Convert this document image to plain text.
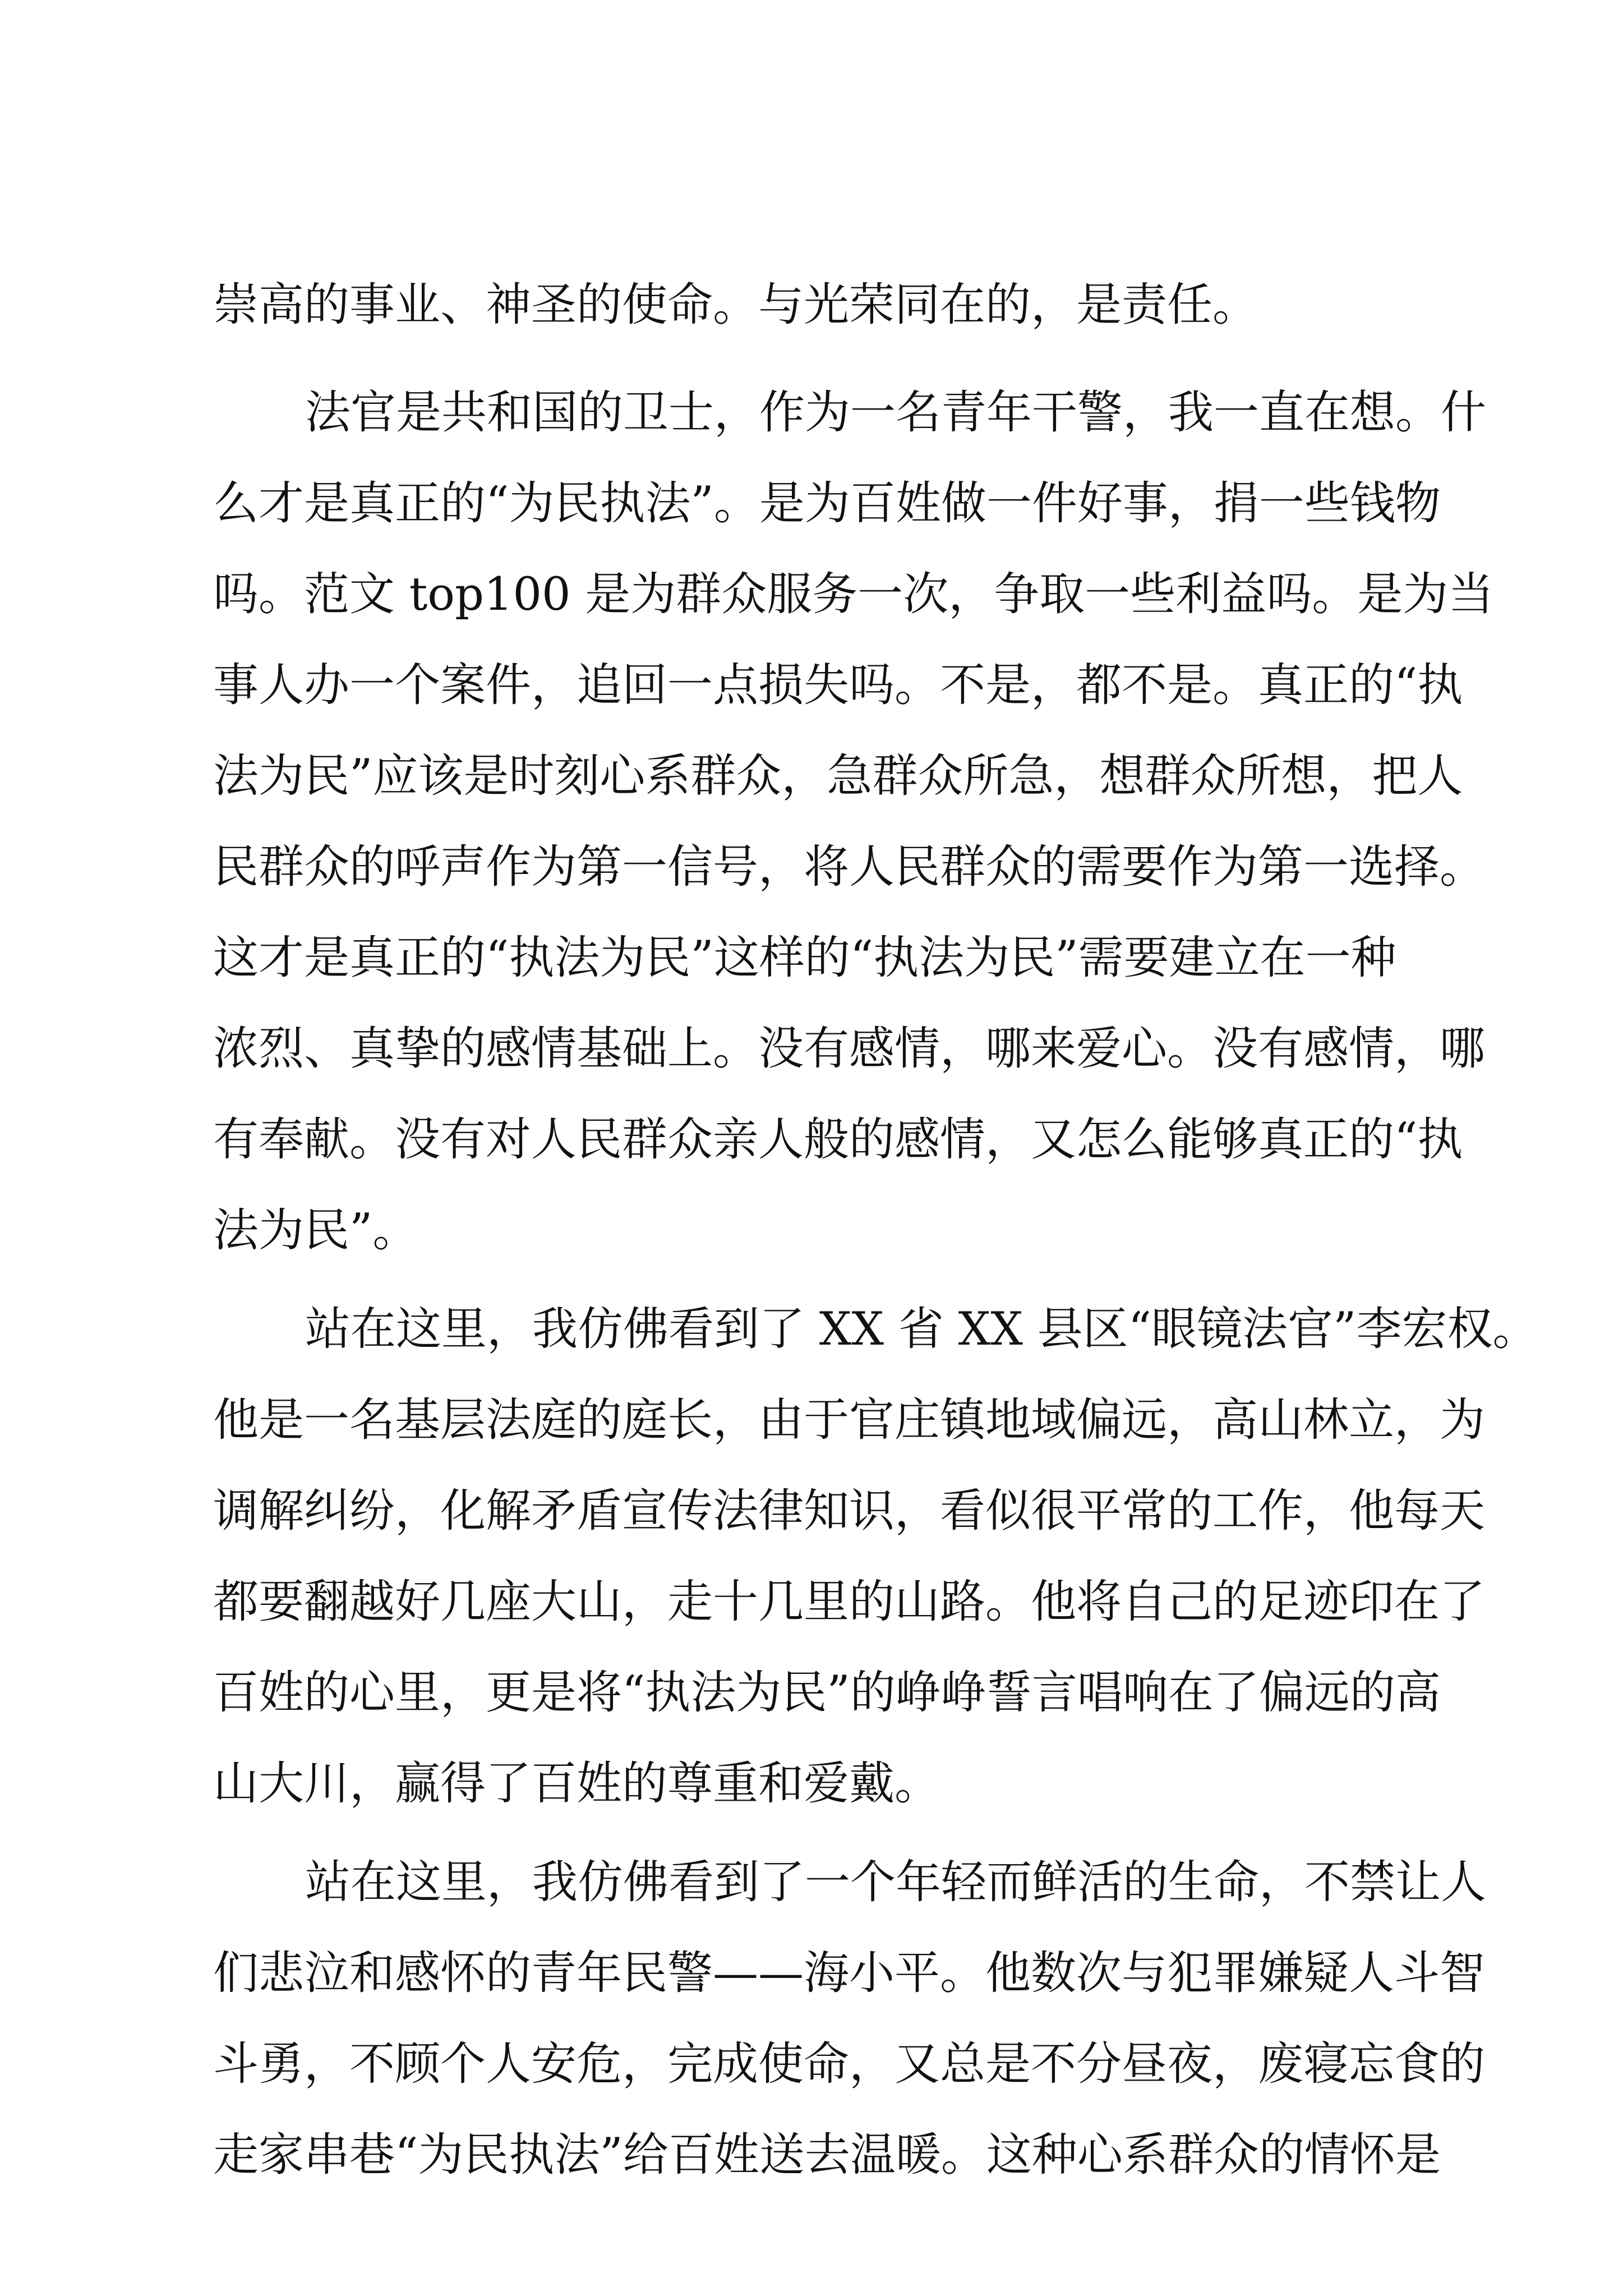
崇高的事业、神圣的使命。与光荣同在的，是责任。
法官是共和国的卫士，作为一名青年干警，我一直在想。什
么才是真正的“为民执法”。是为百姓做一件好事，捐一些钱物
吗。范文 top100 是为群众服务一次，争取一些利益吗。是为当
事人办一个案件，追回一点损失吗。不是，都不是。真正的“执
法为民”应该是时刻心系群众，急群众所急，想群众所想，把人
民群众的呼声作为第一信号，将人民群众的需要作为第一选择。
这才是真正的“执法为民”这样的“执法为民”需要建立在一种
浓烈、真挚的感情基础上。没有感情，哪来爱心。没有感情，哪
有奉献。没有对人民群众亲人般的感情，又怎么能够真正的“执
法为民”。
站在这里，我仿佛看到了 XX 省 XX 县区“眼镜法官”李宏权。
他是一名基层法庭的庭长，由于官庄镇地域偏远，高山林立，为
调解纠纷，化解矛盾宣传法律知识，看似很平常的工作，他每天
都要翻越好几座大山，走十几里的山路。他将自己的足迹印在了
百姓的心里，更是将“执法为民”的峥峥誓言唱响在了偏远的高
山大川，赢得了百姓的尊重和爱戴。
站在这里，我仿佛看到了一个年轻而鲜活的生命，不禁让人
们悲泣和感怀的青年民警——海小平。他数次与犯罪嫌疑人斗智
斗勇，不顾个人安危，完成使命，又总是不分昼夜，废寝忘食的
走家串巷“为民执法”给百姓送去温暖。这种心系群众的情怀是
